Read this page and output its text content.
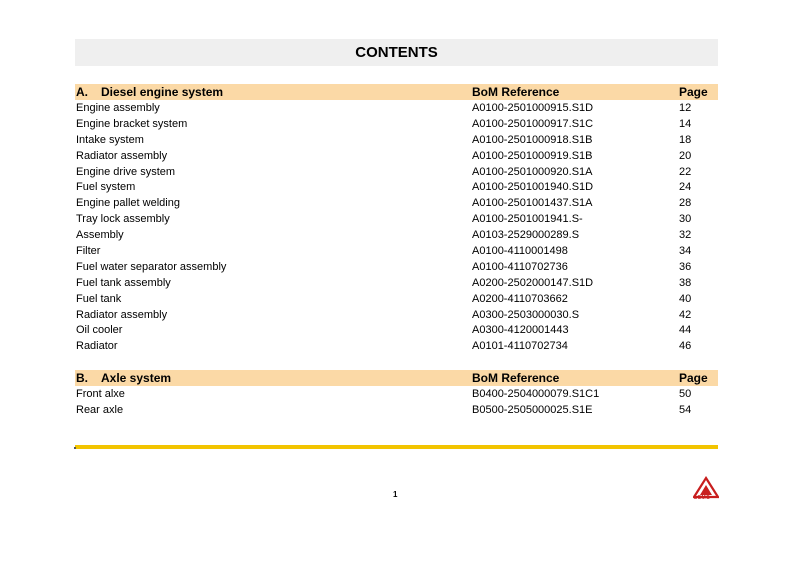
CONTENTS
A. Diesel engine system	BoM Reference	Page
Engine assembly	A0100-2501000915.S1D	12
Engine bracket system	A0100-2501000917.S1C	14
Intake system	A0100-2501000918.S1B	18
Radiator assembly	A0100-2501000919.S1B	20
Engine drive system	A0100-2501000920.S1A	22
Fuel system	A0100-2501001940.S1D	24
Engine pallet welding	A0100-2501001437.S1A	28
Tray lock assembly	A0100-2501001941.S-	30
Assembly	A0103-2529000289.S	32
Filter	A0100-4110001498	34
Fuel water separator assembly	A0100-4110702736	36
Fuel tank assembly	A0200-2502000147.S1D	38
Fuel tank	A0200-4110703662	40
Radiator assembly	A0300-2503000030.S	42
Oil cooler	A0300-4120001443	44
Radiator	A0101-4110702734	46
B. Axle system	BoM Reference	Page
Front alxe	B0400-2504000079.S1C1	50
Rear axle	B0500-2505000025.S1E	54
1	LGMG
